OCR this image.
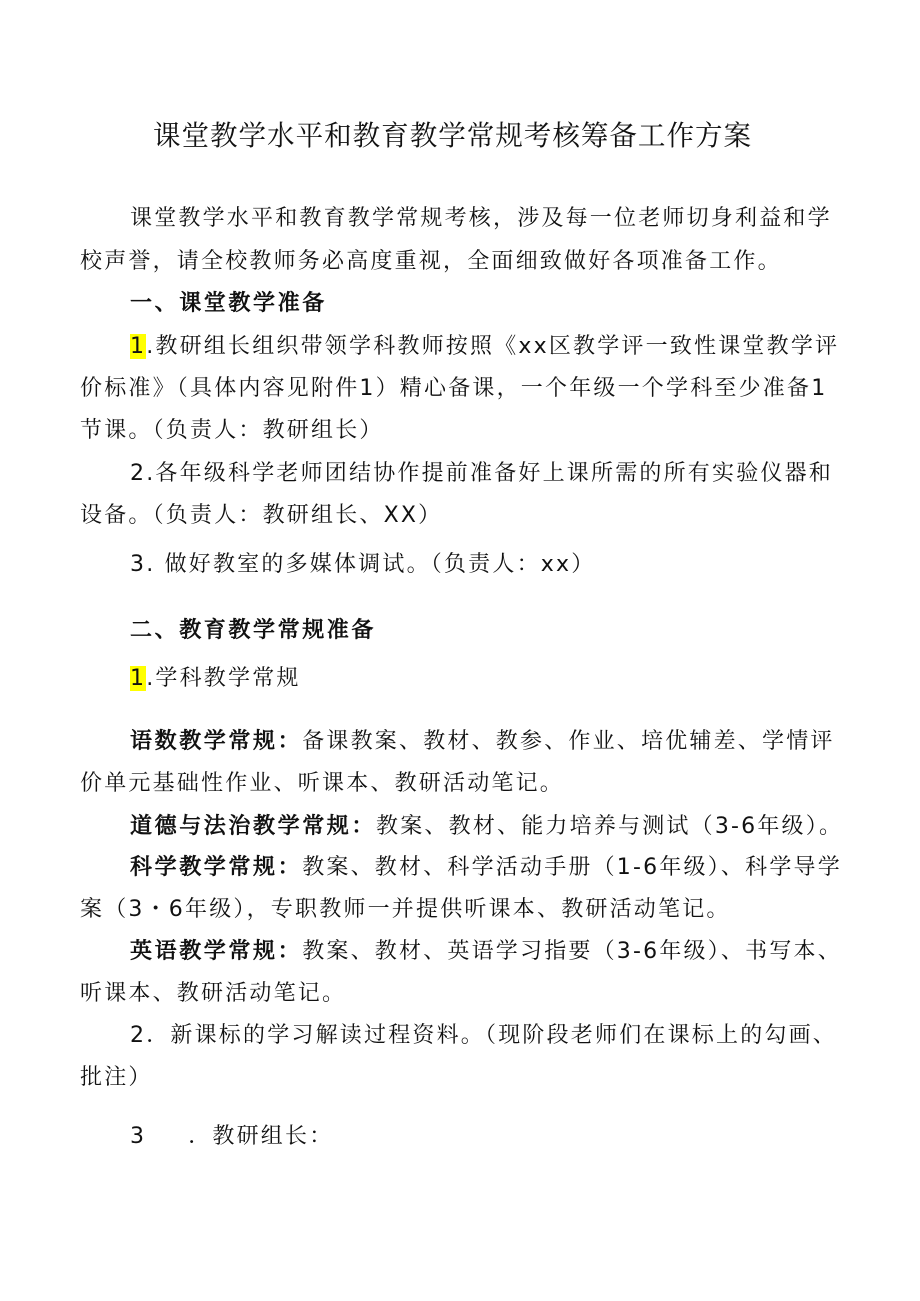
课堂教学水平和教育教学常规考核筹备工作方案
课堂教学水平和教育教学常规考核，涉及每一位老师切身利益和学
校声誉，请全校教师务必高度重视，全面细致做好各项准备工作。
一、课堂教学准备
1.教研组长组织带领学科教师按照《xx区教学评一致性课堂教学评
价标准》（具体内容见附件1）精心备课，一个年级一个学科至少准备1
节课。（负责人：教研组长）
2.各年级科学老师团结协作提前准备好上课所需的所有实验仪器和
设备。（负责人：教研组长、XX）
3. 做好教室的多媒体调试。（负责人：xx）
二、教育教学常规准备
1.学科教学常规
语数教学常规：备课教案、教材、教参、作业、培优辅差、学情评
价单元基础性作业、听课本、教研活动笔记。
道德与法治教学常规：教案、教材、能力培养与测试（3-6年级）。
科学教学常规：教案、教材、科学活动手册（1-6年级）、科学导学
案（3・6年级），专职教师一并提供听课本、教研活动笔记。
英语教学常规：教案、教材、英语学习指要（3-6年级）、书写本、
听课本、教研活动笔记。
2．新课标的学习解读过程资料。（现阶段老师们在课标上的勾画、
批注）
3 ．教研组长：
